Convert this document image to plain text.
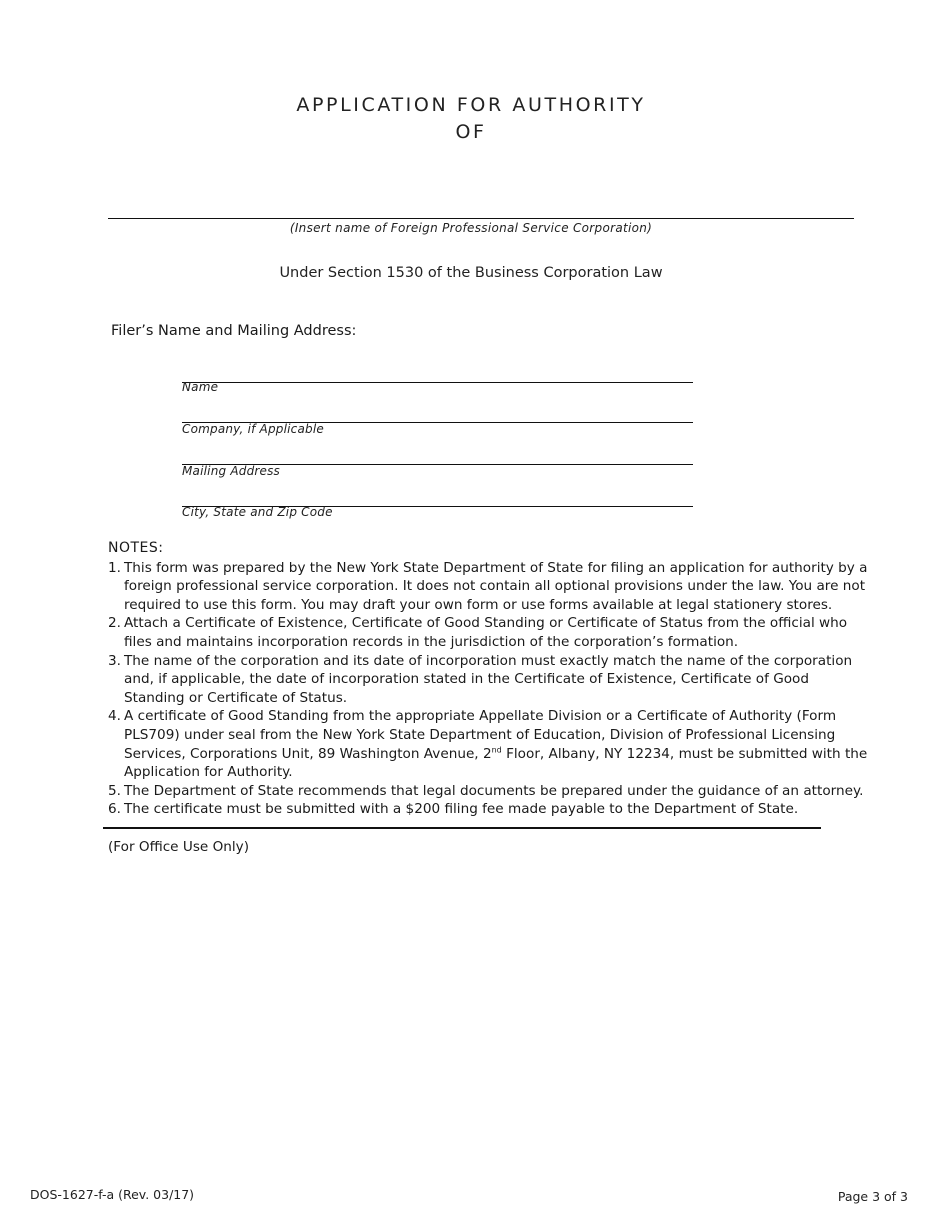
APPLICATION FOR AUTHORITY
OF
(Insert name of Foreign Professional Service Corporation)
Under Section 1530 of the Business Corporation Law
Filer’s Name and Mailing Address:
Name
Company, if Applicable
Mailing Address
City, State and Zip Code
NOTES:
1. This form was prepared by the New York State Department of State for filing an application for authority by a foreign professional service corporation. It does not contain all optional provisions under the law. You are not required to use this form. You may draft your own form or use forms available at legal stationery stores.
2. Attach a Certificate of Existence, Certificate of Good Standing or Certificate of Status from the official who files and maintains incorporation records in the jurisdiction of the corporation’s formation.
3. The name of the corporation and its date of incorporation must exactly match the name of the corporation and, if applicable, the date of incorporation stated in the Certificate of Existence, Certificate of Good Standing or Certificate of Status.
4. A certificate of Good Standing from the appropriate Appellate Division or a Certificate of Authority (Form PLS709) under seal from the New York State Department of Education, Division of Professional Licensing Services, Corporations Unit, 89 Washington Avenue, 2nd Floor, Albany, NY 12234, must be submitted with the Application for Authority.
5. The Department of State recommends that legal documents be prepared under the guidance of an attorney.
6. The certificate must be submitted with a $200 filing fee made payable to the Department of State.
(For Office Use Only)
DOS-1627-f-a (Rev. 03/17)	Page 3 of 3
